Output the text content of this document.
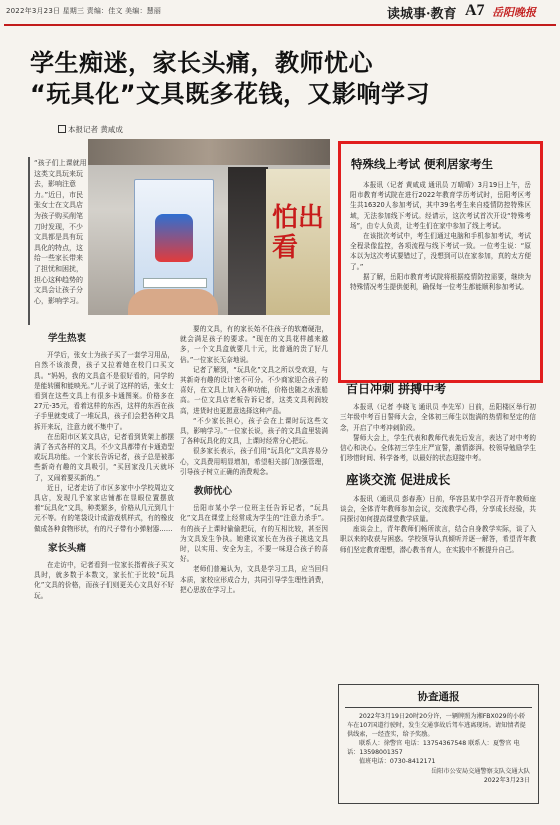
2022年3月23日 星期三 责编：佳文 美编：慧丽	读城事·教育 A7 岳阳晚报
学生痴迷，家长头痛，教师忧心
“玩具化”文具既多花钱，又影响学习
本报记者 黄咸成
“孩子们上课就用这类文具玩来玩去，影响注意力。”近日，市民张女士在文具店为孩子购买削笔刀时发现，不少文具都是具有玩具化的特点，这给一些家长带来了担忧和困扰，担心这种趋势的文具会让孩子分心，影响学习。
怕出看
学生热衷

开学后，张女士为孩子买了一套学习用品，自然不该浪费，孩子又拉着她在校门口买文具。“妈妈，我的文具盒不是很好看的，同学的是能转圈和能映光。”儿子说了这样的话，张女士看到在这些文具上有很多卡通图案。价格多在27元-35元，看着这样的东西，这样的东西在孩子手里就变成了一堆玩具，孩子们会把各种文具拆开来玩，注意力就不集中了。

在岳阳市区某文具店，记者看到货架上都摆满了各式各样的文具，不少文具都带有卡通造型或玩具功能。一个家长告诉记者，孩子总是被那些新奇有趣的文具吸引，“买回家没几天就坏了，又闹着要买新的。”

近日，记者走访了市区多家中小学校周边文具店，发现几乎家家店铺都在显眼位置摆放着“玩具化”文具，种类繁多，价格从几元到几十元不等。有的笔袋设计成游戏机样式，有的橡皮做成各种食物形状，有的尺子带有小弹射器……

家长头痛

在走访中，记者看到一位家长指着孩子买文具时，就多数于本数文，家长忙于比较“玩具化”文具的价格，而孩子们则更关心文具好不好玩。

要的文具，有的家长始不住孩子的软磨硬泡，就会满足孩子的要求。“现在的文具花样越来越多，一个文具盒就要几十元，比普通的贵了好几倍。”一位家长无奈地说。

记者了解到，“玩具化”文具之所以受欢迎，与其新奇有趣的设计密不可分。不少商家迎合孩子的喜好，在文具上加入各种功能，价格也随之水涨船高。一位文具店老板告诉记者，这类文具利润较高，进货时也更愿意选择这种产品。

“不少家长担心，孩子会在上课时玩这些文具，影响学习。”一位家长说，孩子的文具盒里装满了各种玩具化的文具，上课时经常分心把玩。

很多家长表示，孩子们用“玩具化”文具容易分心，文具费用明显增加，希望相关部门加强管理，引导孩子树立正确的消费观念。

教师忧心

岳阳市某小学一位班主任告诉记者，“玩具化”文具在课堂上经常成为学生的“注意力杀手”。有的孩子上课时偷偷把玩，有的互相比较，甚至因为文具发生争执。她建议家长在为孩子挑选文具时，以实用、安全为主，不要一味迎合孩子的喜好。

老师们普遍认为，文具是学习工具，应当回归本质，家校应形成合力，共同引导学生理性消费，把心思放在学习上。

特殊线上考试 便利居家考生

本报讯（记者 黄咸成 通讯员 万晴晴）3月19日上午，岳阳市教育考试院在进行2022年教育学历考试时，岳阳考区考生共16320人参加考试，其中39名考生来自疫情防控特殊区域，无法参加线下考试。经请示，这次考试首次开设“特殊考场”，由专人负责，让考生们在家中参加了线上考试。

在该批次考试中，考生们通过电脑和手机参加考试，考试全程录像监控，各项流程与线下考试一致。一位考生说：“原本以为这次考试要错过了，没想到可以在家参加，真的太方便了。”

据了解，岳阳市教育考试院将根据疫情防控需要，继续为特殊情况考生提供便利，确保每一位考生都能顺利参加考试。

百日冲刺 拼搏中考

本报讯（记者 李晓飞 通讯员 李先军）日前，岳阳楼区举行初三年级中考百日誓师大会，全体初三师生以饱满的热情和坚定的信念，开启了中考冲刺阶段。

誓师大会上，学生代表和教师代表先后发言，表达了对中考的信心和决心。全体初三学生庄严宣誓，激情澎湃。校领导勉励学生们珍惜时间、科学备考，以最好的状态迎接中考。

座谈交流 促进成长

本报讯（通讯员 彭春燕）日前，华容县某中学召开青年教师座谈会，全体青年教师参加会议，交流教学心得，分享成长经验，共同探讨如何提高课堂教学质量。

座谈会上，青年教师们畅所欲言，结合自身教学实际，谈了入职以来的收获与困惑。学校领导认真倾听并逐一解答，希望青年教师们坚定教育理想，潜心教书育人，在实践中不断提升自己。

协查通报

2022年3月19日20时20分许，一辆牌照为湘FBX029的小轿车在107国道行驶时，发生交通事故后驾车逃离现场。请知情者提供线索，一经查实，给予奖励。

联系人：徐警官 电话：13754367548 联系人：夏警官 电话：13598001357

值班电话：0730-8412171

岳阳市公安局交通警察支队交通大队

2022年3月23日
